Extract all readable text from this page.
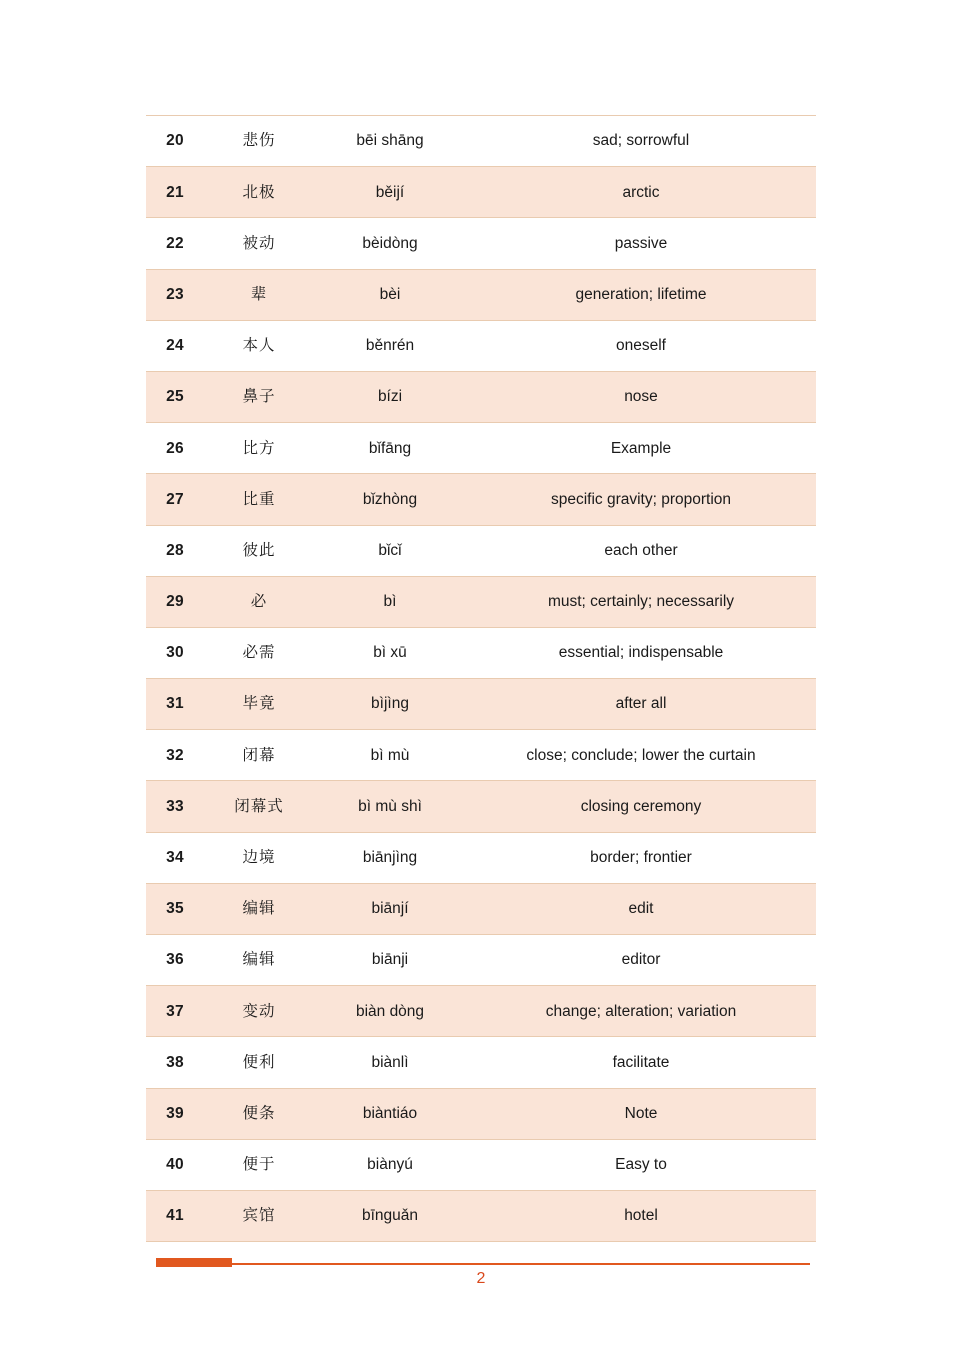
20	悲伤	bēi shāng	sad; sorrowful
21	北极	běijí	arctic
22	被动	bèidòng	passive
23	辈	bèi	generation; lifetime
24	本人	běnrén	oneself
25	鼻子	bízi	nose
26	比方	bǐfāng	Example
27	比重	bǐzhòng	specific gravity; proportion
28	彼此	bǐcǐ	each other
29	必	bì	must; certainly; necessarily
30	必需	bì xū	essential; indispensable
31	毕竟	bìjìng	after all
32	闭幕	bì mù	close; conclude; lower the curtain
33	闭幕式	bì mù shì	closing ceremony
34	边境	biānjìng	border; frontier
35	编辑	biānjí	edit
36	编辑	biānji	editor
37	变动	biàn dòng	change; alteration; variation
38	便利	biànlì	facilitate
39	便条	biàntiáo	Note
40	便于	biànyú	Easy to
41	宾馆	bīnguǎn	hotel
2
